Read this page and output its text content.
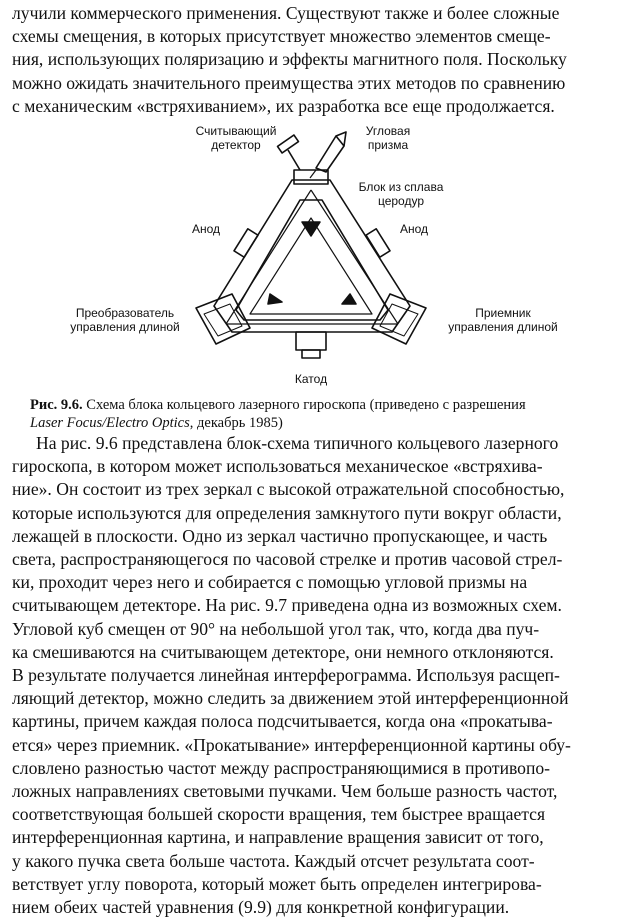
лучили коммерческого применения. Существуют также и более сложные
схемы смещения, в которых присутствует множество элементов смеще-
ния, использующих поляризацию и эффекты магнитного поля. Поскольку
можно ожидать значительного преимущества этих методов по сравнению
с механическим «встряхиванием», их разработка все еще продолжается.
Считывающий
детектор
Угловая
призма
Блок из сплава
церодур
Анод	Анод
Преобразователь
управления длиной
Приемник
управления длиной
Катод
Рис. 9.6. Схема блока кольцевого лазерного гироскопа (приведено с разрешения
Laser Focus/Electro Optics, декабрь 1985)
На рис. 9.6 представлена блок-схема типичного кольцевого лазерного
гироскопа, в котором может использоваться механическое «встряхива-
ние». Он состоит из трех зеркал с высокой отражательной способностью,
которые используются для определения замкнутого пути вокруг области,
лежащей в плоскости. Одно из зеркал частично пропускающее, и часть
света, распространяющегося по часовой стрелке и против часовой стрел-
ки, проходит через него и собирается с помощью угловой призмы на
считывающем детекторе. На рис. 9.7 приведена одна из возможных схем.
Угловой куб смещен от 90° на небольшой угол так, что, когда два пуч-
ка смешиваются на считывающем детекторе, они немного отклоняются.
В результате получается линейная интерферограмма. Используя расщеп-
ляющий детектор, можно следить за движением этой интерференционной
картины, причем каждая полоса подсчитывается, когда она «прокатыва-
ется» через приемник. «Прокатывание» интерференционной картины обу-
словлено разностью частот между распространяющимися в противопо-
ложных направлениях световыми пучками. Чем больше разность частот,
соответствующая большей скорости вращения, тем быстрее вращается
интерференционная картина, и направление вращения зависит от того,
у какого пучка света больше частота. Каждый отсчет результата соот-
ветствует углу поворота, который может быть определен интегрирова-
нием обеих частей уравнения (9.9) для конкретной конфигурации.
